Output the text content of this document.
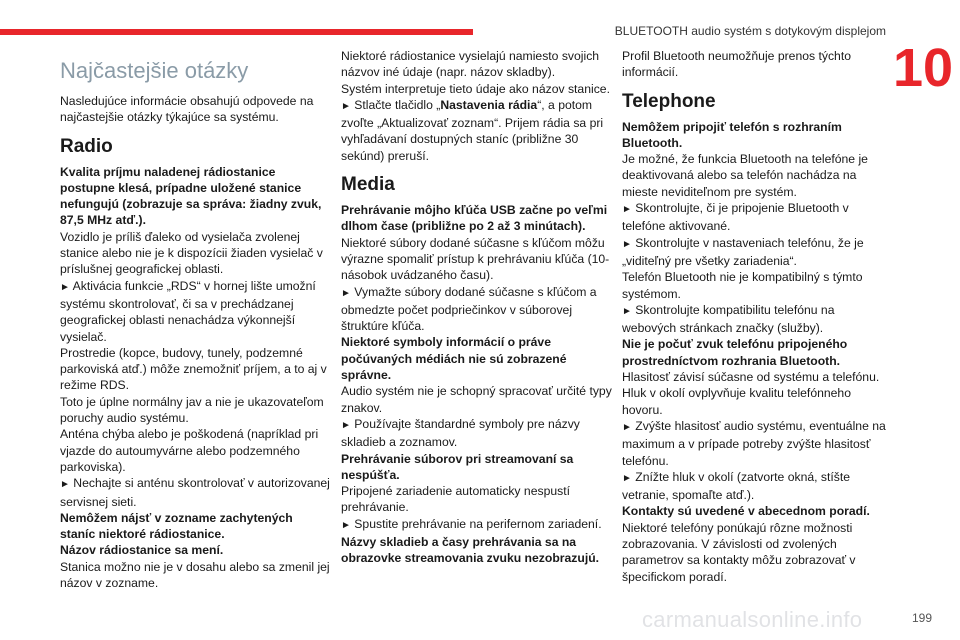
BLUETOOTH audio systém s dotykovým displejom
10
Najčastejšie otázky

Nasledujúce informácie obsahujú odpovede na najčastejšie otázky týkajúce sa systému.

Radio

Kvalita príjmu naladenej rádiostanice postupne klesá, prípadne uložené stanice nefungujú (zobrazuje sa správa: žiadny zvuk, 87,5 MHz atď.).

Vozidlo je príliš ďaleko od vysielača zvolenej stanice alebo nie je k dispozícii žiaden vysielač v príslušnej geografickej oblasti.

► Aktivácia funkcie „RDS“ v hornej lište umožní systému skontrolovať, či sa v prechádzanej geografickej oblasti nenachádza výkonnejší vysielač.

Prostredie (kopce, budovy, tunely, podzemné parkoviská atď.) môže znemožniť príjem, a to aj v režime RDS.

Toto je úplne normálny jav a nie je ukazovateľom poruchy audio systému.

Anténa chýba alebo je poškodená (napríklad pri vjazde do autoumyvárne alebo podzemného parkoviska).

► Nechajte si anténu skontrolovať v autorizovanej servisnej sieti.

Nemôžem nájsť v zozname zachytených staníc niektoré rádiostanice.

Názov rádiostanice sa mení.

Stanica možno nie je v dosahu alebo sa zmenil jej názov v zozname.

Niektoré rádiostanice vysielajú namiesto svojich názvov iné údaje (napr. názov skladby).

Systém interpretuje tieto údaje ako názov stanice.

► Stlačte tlačidlo „Nastavenia rádia“, a potom zvoľte „Aktualizovať zoznam“. Prijem rádia sa pri vyhľadávaní dostupných staníc (približne 30 sekúnd) preruší.

Media

Prehrávanie môjho kľúča USB začne po veľmi dlhom čase (približne po 2 až 3 minútach).

Niektoré súbory dodané súčasne s kľúčom môžu výrazne spomaliť prístup k prehrávaniu kľúča (10-násobok uvádzaného času).

► Vymažte súbory dodané súčasne s kľúčom a obmedzte počet podpriečinkov v súborovej štruktúre kľúča.

Niektoré symboly informácií o práve počúvaných médiách nie sú zobrazené správne.

Audio systém nie je schopný spracovať určité typy znakov.

► Používajte štandardné symboly pre názvy skladieb a zoznamov.

Prehrávanie súborov pri streamovaní sa nespúšťa.

Pripojené zariadenie automaticky nespustí prehrávanie.

► Spustite prehrávanie na perifernom zariadení.

Názvy skladieb a časy prehrávania sa na obrazovke streamovania zvuku nezobrazujú.

Profil Bluetooth neumožňuje prenos týchto informácií.

Telephone

Nemôžem pripojiť telefón s rozhraním Bluetooth.

Je možné, že funkcia Bluetooth na telefóne je deaktivovaná alebo sa telefón nachádza na mieste neviditeľnom pre systém.

► Skontrolujte, či je pripojenie Bluetooth v telefóne aktivované.

► Skontrolujte v nastaveniach telefónu, že je „viditeľný pre všetky zariadenia“.

Telefón Bluetooth nie je kompatibilný s týmto systémom.

► Skontrolujte kompatibilitu telefónu na webových stránkach značky (služby).

Nie je počuť zvuk telefónu pripojeného prostredníctvom rozhrania Bluetooth.

Hlasitosť závisí súčasne od systému a telefónu.

Hluk v okolí ovplyvňuje kvalitu telefónneho hovoru.

► Zvýšte hlasitosť audio systému, eventuálne na maximum a v prípade potreby zvýšte hlasitosť telefónu.

► Znížte hluk v okolí (zatvorte okná, stíšte vetranie, spomaľte atď.).

Kontakty sú uvedené v abecednom poradí.

Niektoré telefóny ponúkajú rôzne možnosti zobrazovania. V závislosti od zvolených parametrov sa kontakty môžu zobrazovať v špecifickom poradí.

carmanualsonline.info	199
